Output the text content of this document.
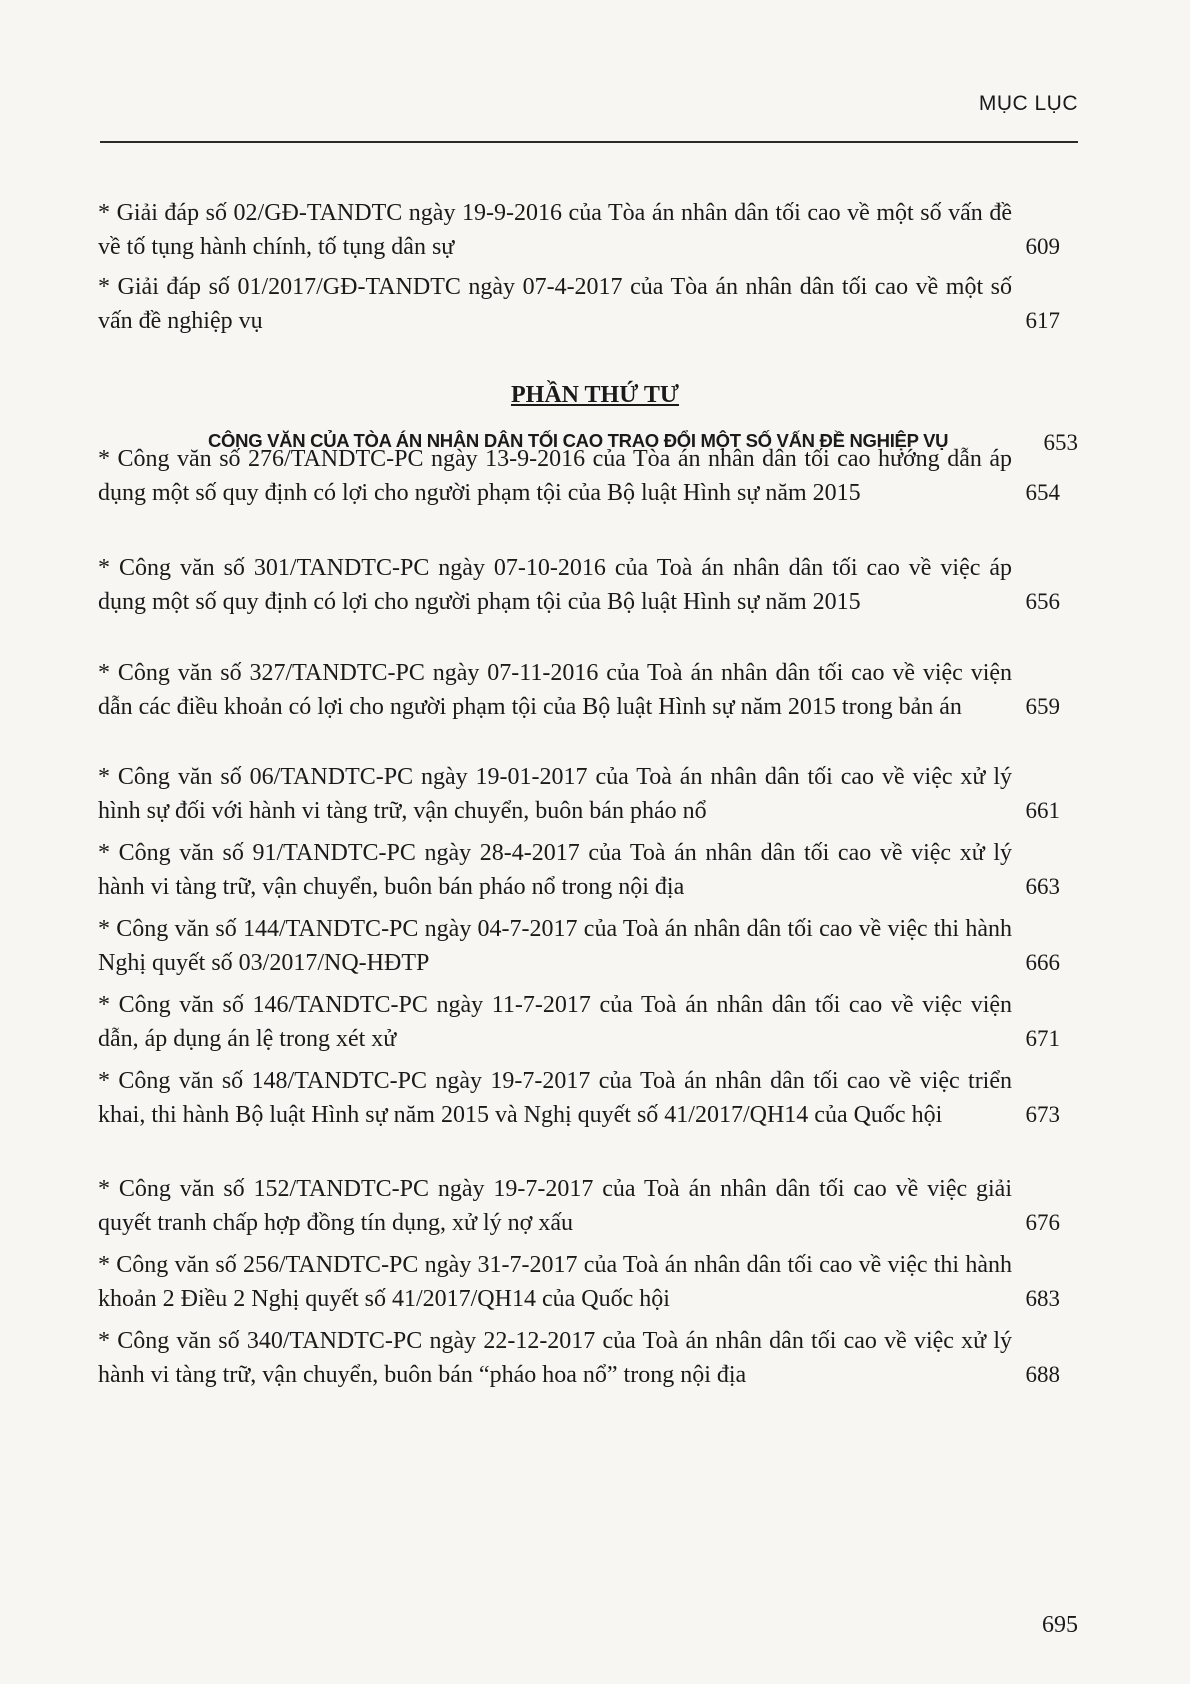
MỤC LỤC
* Giải đáp số 02/GĐ-TANDTC ngày 19-9-2016 của Tòa án nhân dân tối cao về một số vấn đề về tố tụng hành chính, tố tụng dân sự	609
* Giải đáp số 01/2017/GĐ-TANDTC ngày 07-4-2017 của Tòa án nhân dân tối cao về một số vấn đề nghiệp vụ	617
PHẦN THỨ TƯ
CÔNG VĂN CỦA TÒA ÁN NHÂN DÂN TỐI CAO TRAO ĐỔI MỘT SỐ VẤN ĐỀ NGHIỆP VỤ	653
* Công văn số 276/TANDTC-PC ngày 13-9-2016 của Tòa án nhân dân tối cao hướng dẫn áp dụng một số quy định có lợi cho người phạm tội của Bộ luật Hình sự năm 2015	654
* Công văn số 301/TANDTC-PC ngày 07-10-2016 của Toà án nhân dân tối cao về việc áp dụng một số quy định có lợi cho người phạm tội của Bộ luật Hình sự năm 2015	656
* Công văn số 327/TANDTC-PC ngày 07-11-2016 của Toà án nhân dân tối cao về việc viện dẫn các điều khoản có lợi cho người phạm tội của Bộ luật Hình sự năm 2015 trong bản án	659
* Công văn số 06/TANDTC-PC ngày 19-01-2017 của Toà án nhân dân tối cao về việc xử lý hình sự đối với hành vi tàng trữ, vận chuyển, buôn bán pháo nổ	661
* Công văn số 91/TANDTC-PC ngày 28-4-2017 của Toà án nhân dân tối cao về việc xử lý hành vi tàng trữ, vận chuyển, buôn bán pháo nổ trong nội địa	663
* Công văn số 144/TANDTC-PC ngày 04-7-2017 của Toà án nhân dân tối cao về việc thi hành Nghị quyết số 03/2017/NQ-HĐTP	666
* Công văn số 146/TANDTC-PC ngày 11-7-2017 của Toà án nhân dân tối cao về việc viện dẫn, áp dụng án lệ trong xét xử	671
* Công văn số 148/TANDTC-PC ngày 19-7-2017 của Toà án nhân dân tối cao về việc triển khai, thi hành Bộ luật Hình sự năm 2015 và Nghị quyết số 41/2017/QH14 của Quốc hội	673
* Công văn số 152/TANDTC-PC ngày 19-7-2017 của Toà án nhân dân tối cao về việc giải quyết tranh chấp hợp đồng tín dụng, xử lý nợ xấu	676
* Công văn số 256/TANDTC-PC ngày 31-7-2017 của Toà án nhân dân tối cao về việc thi hành khoản 2 Điều 2 Nghị quyết số 41/2017/QH14 của Quốc hội	683
* Công văn số 340/TANDTC-PC ngày 22-12-2017 của Toà án nhân dân tối cao về việc xử lý hành vi tàng trữ, vận chuyển, buôn bán “pháo hoa nổ” trong nội địa	688
695
